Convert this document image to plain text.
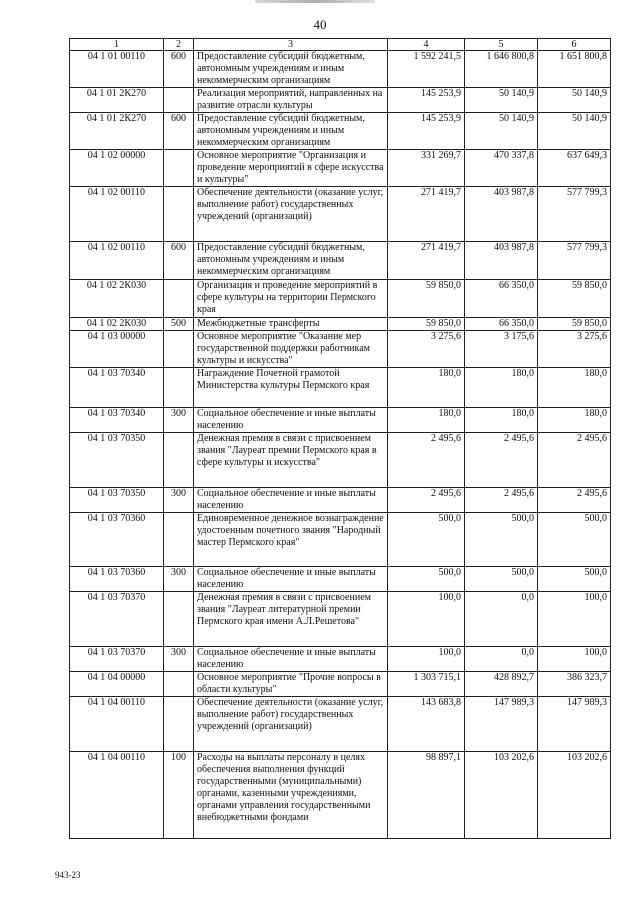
40
1	2	3	4	5	6
04 1 01 00110	600	Предоставление субсидий бюджетным, автономным учреждениям и иным некоммерческим организациям	1 592 241,5	1 646 800,8	1 651 800,8
04 1 01 2К270		Реализация мероприятий, направленных на развитие отрасли культуры	145 253,9	50 140,9	50 140,9
04 1 01 2К270	600	Предоставление субсидий бюджетным, автономным учреждениям и иным некоммерческим организациям	145 253,9	50 140,9	50 140,9
04 1 02 00000		Основное мероприятие "Организация и проведение мероприятий в сфере искусства и культуры"	331 269,7	470 337,8	637 649,3
04 1 02 00110		Обеспечение деятельности (оказание услуг, выполнение работ) государственных учреждений (организаций)	271 419,7	403 987,8	577 799,3
04 1 02 00110	600	Предоставление субсидий бюджетным, автономным учреждениям и иным некоммерческим организациям	271 419,7	403 987,8	577 799,3
04 1 02 2К030		Организация и проведение мероприятий в сфере культуры на территории Пермского края	59 850,0	66 350,0	59 850,0
04 1 02 2К030	500	Межбюджетные трансферты	59 850,0	66 350,0	59 850,0
04 1 03 00000		Основное мероприятие "Оказание мер государственной поддержки работникам культуры и искусства"	3 275,6	3 175,6	3 275,6
04 1 03 70340		Награждение Почетной грамотой Министерства культуры Пермского края	180,0	180,0	180,0
04 1 03 70340	300	Социальное обеспечение и иные выплаты населению	180,0	180,0	180,0
04 1 03 70350		Денежная премия в связи с присвоением звания "Лауреат премии Пермского края в сфере культуры и искусства"	2 495,6	2 495,6	2 495,6
04 1 03 70350	300	Социальное обеспечение и иные выплаты населению	2 495,6	2 495,6	2 495,6
04 1 03 70360		Единовременное денежное вознаграждение удостоенным почетного звания "Народный мастер Пермского края"	500,0	500,0	500,0
04 1 03 70360	300	Социальное обеспечение и иные выплаты населению	500,0	500,0	500,0
04 1 03 70370		Денежная премия в связи с присвоением звания "Лауреат литературной премии Пермского края имени А.Л.Решетова"	100,0	0,0	100,0
04 1 03 70370	300	Социальное обеспечение и иные выплаты населению	100,0	0,0	100,0
04 1 04 00000		Основное мероприятие "Прочие вопросы в области культуры"	1 303 715,1	428 892,7	386 323,7
04 1 04 00110		Обеспечение деятельности (оказание услуг, выполнение работ) государственных учреждений (организаций)	143 683,8	147 989,3	147 989,3
04 1 04 00110	100	Расходы на выплаты персоналу в целях обеспечения выполнения функций государственными (муниципальными) органами, казенными учреждениями, органами управления государственными внебюджетными фондами	98 897,1	103 202,6	103 202,6
943-23
